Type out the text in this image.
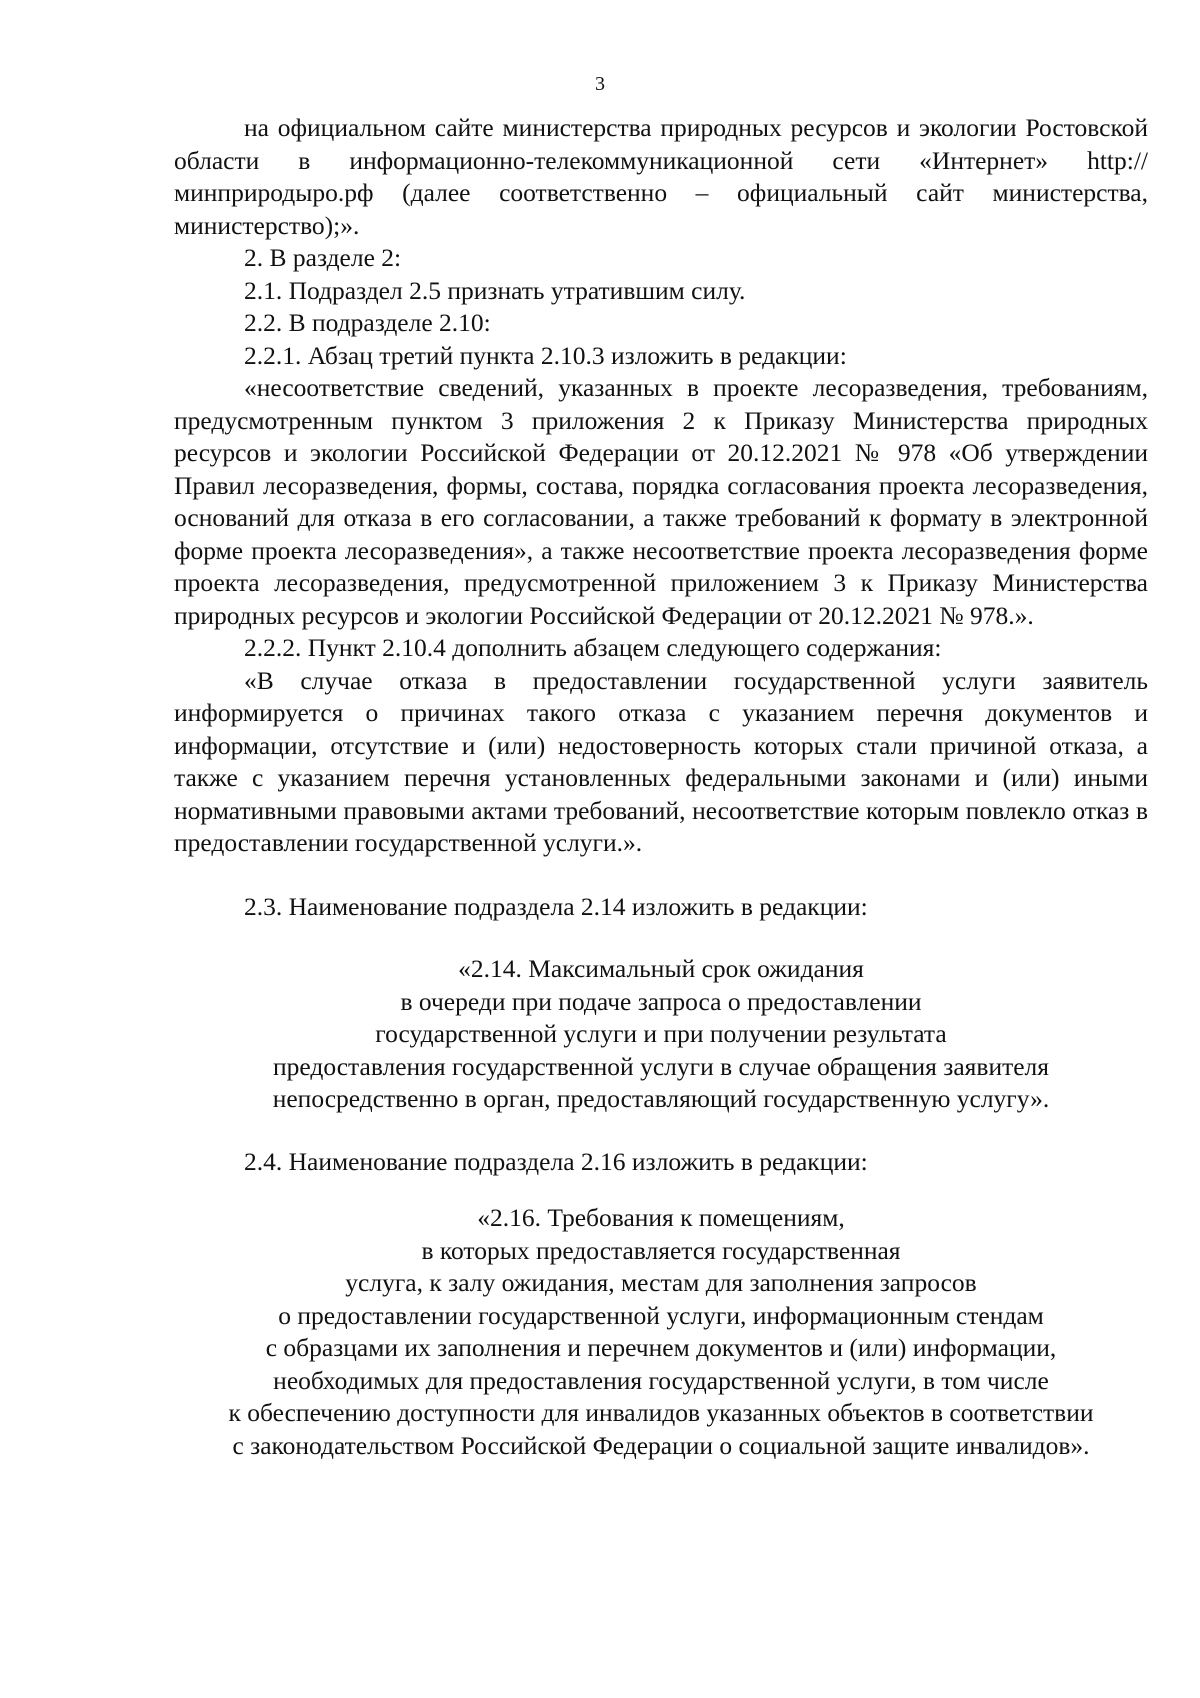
3

на официальном сайте министерства природных ресурсов и экологии Ростовской области в информационно-телекоммуникационной сети «Интернет» http://минприродыро.рф (далее соответственно – официальный сайт министерства, министерство);».

2. В разделе 2:

2.1. Подраздел 2.5 признать утратившим силу.

2.2. В подразделе 2.10:

2.2.1. Абзац третий пункта 2.10.3 изложить в редакции:

«несоответствие сведений, указанных в проекте лесоразведения, требованиям, предусмотренным пунктом 3 приложения 2 к Приказу Министерства природных ресурсов и экологии Российской Федерации от 20.12.2021 № 978 «Об утверждении Правил лесоразведения, формы, состава, порядка согласования проекта лесоразведения, оснований для отказа в его согласовании, а также требований к формату в электронной форме проекта лесоразведения», а также несоответствие проекта лесоразведения форме проекта лесоразведения, предусмотренной приложением 3 к Приказу Министерства природных ресурсов и экологии Российской Федерации от 20.12.2021 № 978.».

2.2.2. Пункт 2.10.4 дополнить абзацем следующего содержания:

«В случае отказа в предоставлении государственной услуги заявитель информируется о причинах такого отказа с указанием перечня документов и информации, отсутствие и (или) недостоверность которых стали причиной отказа, а также с указанием перечня установленных федеральными законами и (или) иными нормативными правовыми актами требований, несоответствие которым повлекло отказ в предоставлении государственной услуги.».

2.3. Наименование подраздела 2.14 изложить в редакции:

«2.14. Максимальный срок ожидания
в очереди при подаче запроса о предоставлении
государственной услуги и при получении результата
предоставления государственной услуги в случае обращения заявителя
непосредственно в орган, предоставляющий государственную услугу».

2.4. Наименование подраздела 2.16 изложить в редакции:

«2.16. Требования к помещениям,
в которых предоставляется государственная
услуга, к залу ожидания, местам для заполнения запросов
о предоставлении государственной услуги, информационным стендам
с образцами их заполнения и перечнем документов и (или) информации,
необходимых для предоставления государственной услуги, в том числе
к обеспечению доступности для инвалидов указанных объектов в соответствии
с законодательством Российской Федерации о социальной защите инвалидов».
